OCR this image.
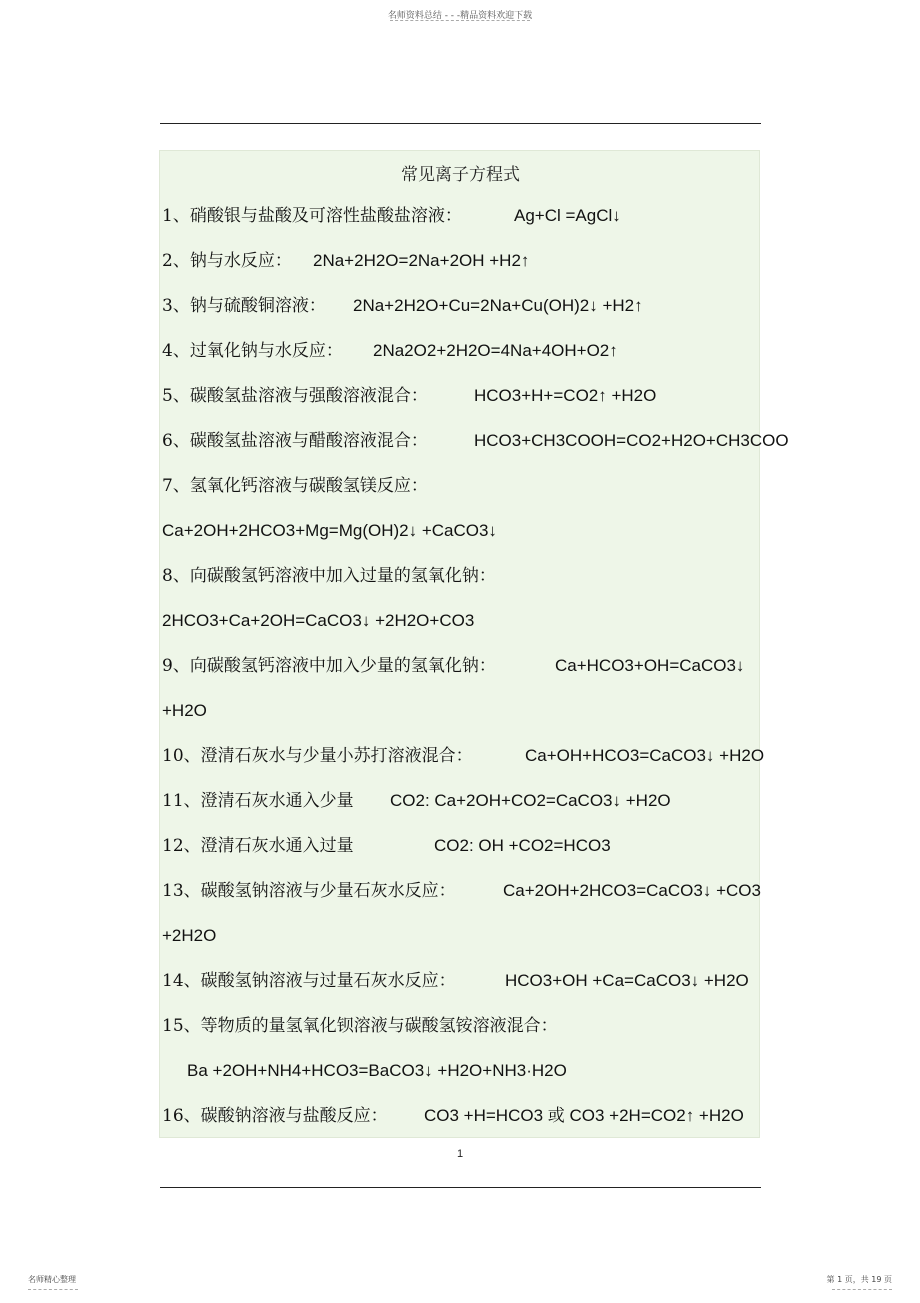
名师资料总结 - - -精品资料欢迎下载
常见离子方程式
1、硝酸银与盐酸及可溶性盐酸盐溶液：	Ag+Cl =AgCl↓
2、钠与水反应： 2Na+2H2O=2Na+2OH +H2↑
3、钠与硫酸铜溶液： 2Na+2H2O+Cu=2Na+Cu(OH)2↓ +H2↑
4、过氧化钠与水反应： 2Na2O2+2H2O=4Na+4OH+O2↑
5、碳酸氢盐溶液与强酸溶液混合：	HCO3+H+=CO2↑ +H2O
6、碳酸氢盐溶液与醋酸溶液混合：	HCO3+CH3COOH=CO2+H2O+CH3COO
7、氢氧化钙溶液与碳酸氢镁反应：
Ca+2OH+2HCO3+Mg=Mg(OH)2↓ +CaCO3↓
8、向碳酸氢钙溶液中加入过量的氢氧化钠：
2HCO3+Ca+2OH=CaCO3↓ +2H2O+CO3
9、向碳酸氢钙溶液中加入少量的氢氧化钠：	Ca+HCO3+OH=CaCO3↓
+H2O
10、澄清石灰水与少量小苏打溶液混合：	Ca+OH+HCO3=CaCO3↓ +H2O
11、澄清石灰水通入少量 CO2: Ca+2OH+CO2=CaCO3↓ +H2O
12、澄清石灰水通入过量	CO2: OH +CO2=HCO3
13、碳酸氢钠溶液与少量石灰水反应：	Ca+2OH+2HCO3=CaCO3↓ +CO3
+2H2O
14、碳酸氢钠溶液与过量石灰水反应：	HCO3+OH +Ca=CaCO3↓ +H2O
15、等物质的量氢氧化钡溶液与碳酸氢铵溶液混合：
Ba +2OH+NH4+HCO3=BaCO3↓ +H2O+NH3·H2O
16、碳酸钠溶液与盐酸反应： CO3 +H=HCO3 或 CO3 +2H=CO2↑ +H2O
1
名师精心整理	第 1 页，共 19 页
